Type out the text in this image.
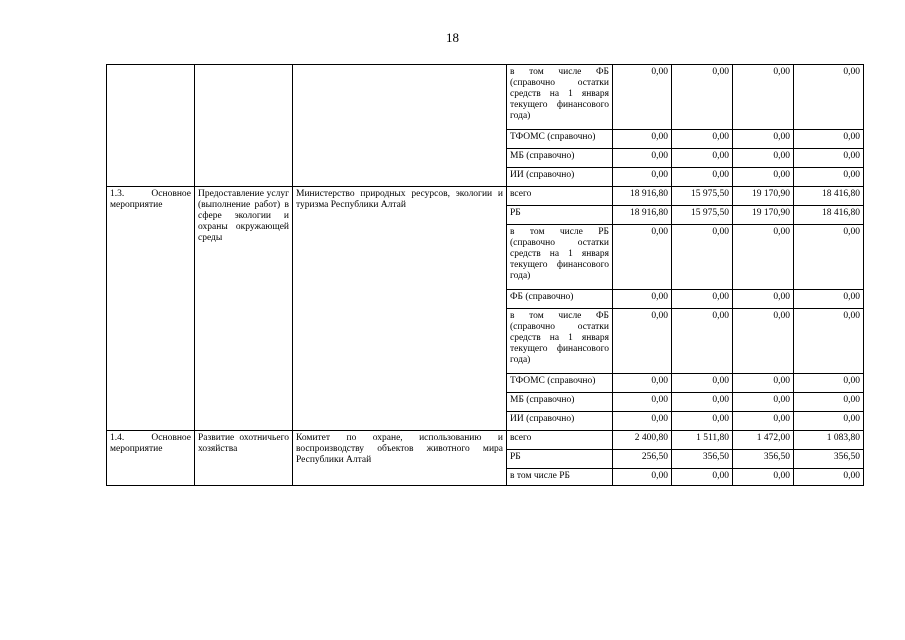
18
			в том числе ФБ (справочно остатки средств на 1 января текущего финансового года)	0,00	0,00	0,00	0,00
			ТФОМС (справочно)	0,00	0,00	0,00	0,00
			МБ (справочно)	0,00	0,00	0,00	0,00
			ИИ (справочно)	0,00	0,00	0,00	0,00
1.3. Основное мероприятие	Предоставление услуг (выполнение работ) в сфере экологии и охраны окружающей среды	Министерство природных ресурсов, экологии и туризма Республики Алтай	всего	18 916,80	15 975,50	19 170,90	18 416,80
			РБ	18 916,80	15 975,50	19 170,90	18 416,80
			в том числе РБ (справочно остатки средств на 1 января текущего финансового года)	0,00	0,00	0,00	0,00
			ФБ (справочно)	0,00	0,00	0,00	0,00
			в том числе ФБ (справочно остатки средств на 1 января текущего финансового года)	0,00	0,00	0,00	0,00
			ТФОМС (справочно)	0,00	0,00	0,00	0,00
			МБ (справочно)	0,00	0,00	0,00	0,00
			ИИ (справочно)	0,00	0,00	0,00	0,00
1.4. Основное мероприятие	Развитие охотничьего хозяйства	Комитет по охране, использованию и воспроизводству объектов животного мира Республики Алтай	всего	2 400,80	1 511,80	1 472,00	1 083,80
			РБ	256,50	356,50	356,50	356,50
			в том числе РБ	0,00	0,00	0,00	0,00
